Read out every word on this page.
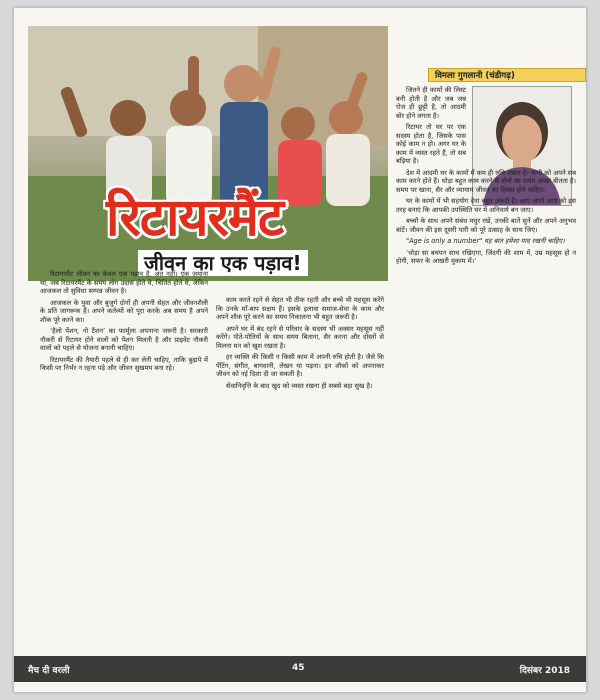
रिटायरमैंट
जीवन का एक पड़ाव!
विमला गुगलानी (चंडीगढ़)

रिटायरमैंट जीवन का केवल एक पड़ाव है, अंत नहीं। एक जमाना था, जब रिटायरमैंट के समय लोग उदास होते थे, चिंतित होते थे, लेकिन आजकल तो सुविधा सम्पन्न जीवन है।

आजकल के युवा और बुजुर्ग दोनों ही अपनी सेहत और जीवनशैली के प्रति जागरूक हैं। अपने कर्तव्यों को पूरा करके अब समय है अपने शौक पूरे करने का।

‘हैलो पेंशन, नो टैंशन’ का फार्मूला अपनाना जरूरी है। सरकारी नौकरी से रिटायर होने वालों को पेंशन मिलती है और प्राइवेट नौकरी वालों को पहले से योजना बनानी चाहिए।

रिटायरमैंट की तैयारी पहले से ही कर लेनी चाहिए, ताकि बुढ़ापे में किसी पर निर्भर न रहना पड़े और जीवन सुखमय बना रहे।

काम करते रहने से सेहत भी ठीक रहती और बच्चे भी महसूस करेंगे कि उनके माँ-बाप सक्षम हैं। इसके इलावा समाज-सेवा के काम और अपने शौक पूरे करने का समय निकालना भी बहुत जरूरी है।

अपने घर में बंद रहने से परिवार के सदस्य भी अक्सर महसूस नहीं करेंगे। पोते-पोतियों के साथ समय बिताना, सैर करना और दोस्तों से मिलना मन को खुश रखता है।

हर व्यक्ति की किसी न किसी काम में अपनी रुचि होती है। जैसे कि पेंटिंग, संगीत, बागवानी, लेखन या पढ़ना। इन शौकों को अपनाकर जीवन को नई दिशा दी जा सकती है।

सेवानिवृत्ति के बाद खुद को व्यस्त रखना ही सबसे बड़ा सुख है।

जितने ही कामों की लिस्ट बनी होती है और जब जब रोज ही छुट्टी है, तो आदमी बोर होने लगता है।

रिटायर तो घर पर एक सदस्य होता है, जिसके पास कोई काम न हो। अगर घर के काम में व्यस्त रहते हैं, तो सब बढ़िया है।

देश में आदमी घर के कामों में कम ही रुचि रखता है। पत्नी को अपने सब काम करने होते हैं। थोड़ा बहुत काम करने से दोनों का समय अच्छा बीतता है। समय पर खाना, सैर और व्यायाम जीवन का हिस्सा होने चाहिए।

घर के कामों में भी सहयोग देना बहुत जरूरी है। आप अपने आप को इस तरह बनाएं कि आपकी उपस्थिति घर में अनिवार्य बन जाए।

बच्चों के साथ अपने संबंध मधुर रखें, उनकी बातें सुनें और अपने अनुभव बांटें। जीवन की इस दूसरी पारी को पूरे उत्साह के साथ जिएं।

"Age is only a number" यह बात हमेशा याद रखनी चाहिए।

‘थोड़ा सा बचपन साथ रखिएगा, जिंदगी की शाम में, उम्र महसूस हो न होगी, सफर के आखरी मुकाम में।’

मैच दी वरली	45	दिसंबर 2018
